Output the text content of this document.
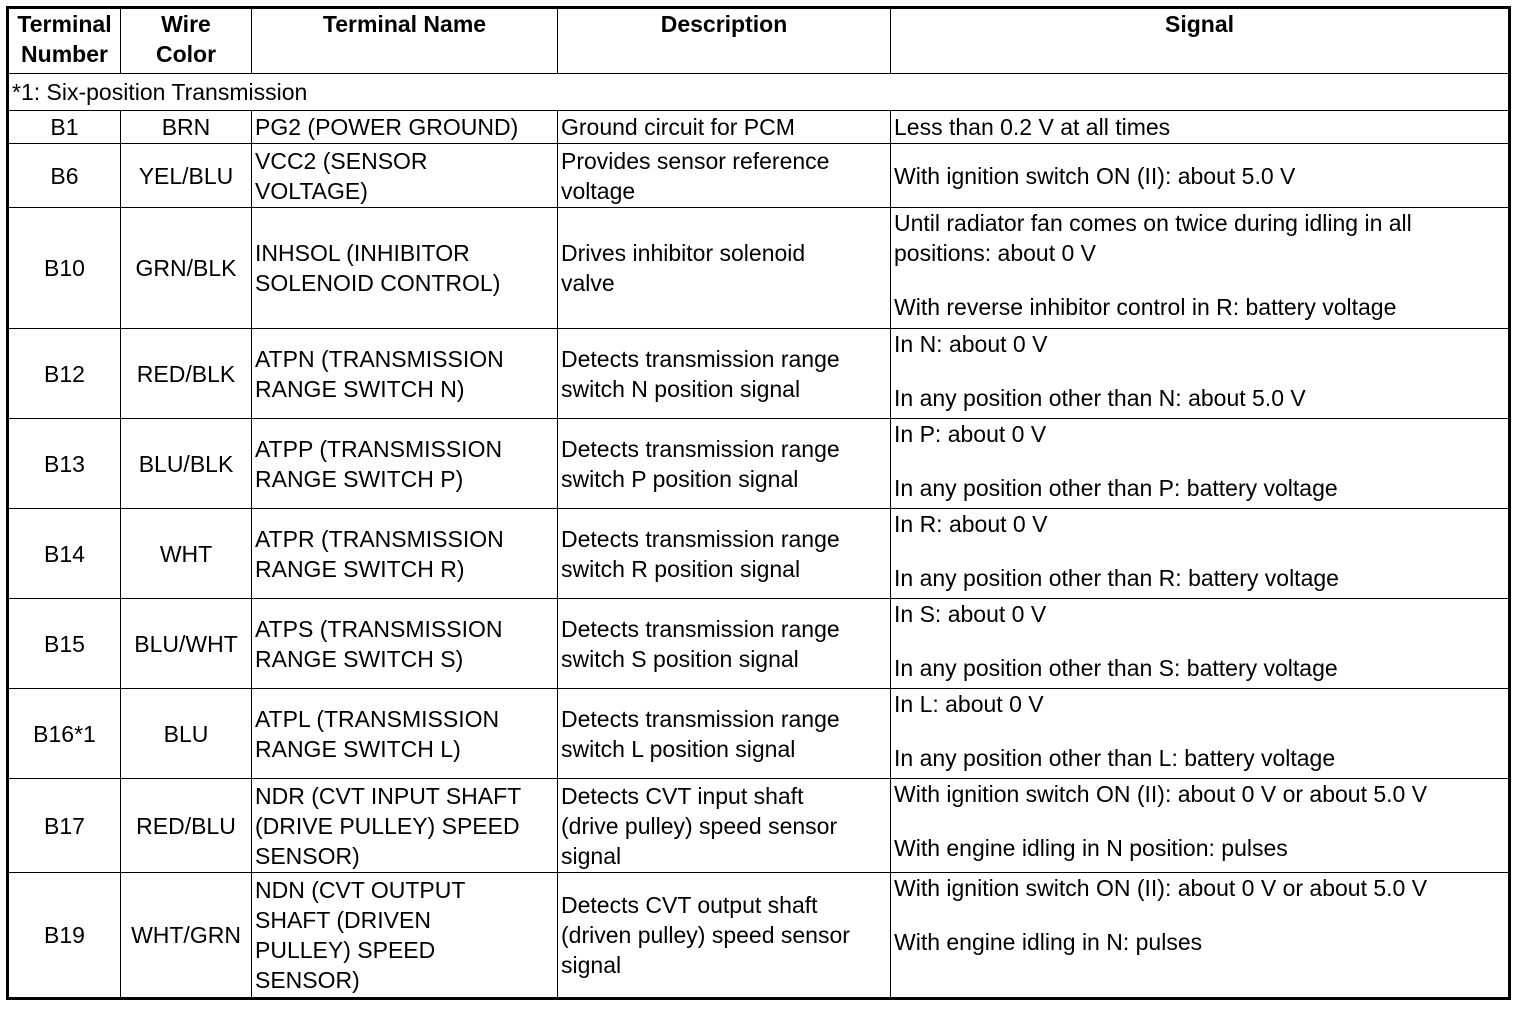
Terminal
Number	Wire
Color	Terminal Name	Description	Signal
*1: Six-position Transmission				
B1	BRN	PG2 (POWER GROUND)	Ground circuit for PCM	Less than 0.2 V at all times

B6	YEL/BLU	VCC2 (SENSOR
VOLTAGE)	Provides sensor reference
voltage	With ignition switch ON (II): about 5.0 V

B10	GRN/BLK	INHSOL (INHIBITOR
SOLENOID CONTROL)	Drives inhibitor solenoid
valve	Until radiator fan comes on twice during idling in all
positions: about 0 V
With reverse inhibitor control in R: battery voltage

B12	RED/BLK	ATPN (TRANSMISSION
RANGE SWITCH N)	Detects transmission range
switch N position signal	In N: about 0 V
In any position other than N: about 5.0 V

B13	BLU/BLK	ATPP (TRANSMISSION
RANGE SWITCH P)	Detects transmission range
switch P position signal	In P: about 0 V
In any position other than P: battery voltage

B14	WHT	ATPR (TRANSMISSION
RANGE SWITCH R)	Detects transmission range
switch R position signal	In R: about 0 V
In any position other than R: battery voltage

B15	BLU/WHT	ATPS (TRANSMISSION
RANGE SWITCH S)	Detects transmission range
switch S position signal	In S: about 0 V
In any position other than S: battery voltage

B16*1	BLU	ATPL (TRANSMISSION
RANGE SWITCH L)	Detects transmission range
switch L position signal	In L: about 0 V
In any position other than L: battery voltage

B17	RED/BLU	NDR (CVT INPUT SHAFT
(DRIVE PULLEY) SPEED
SENSOR)	Detects CVT input shaft
(drive pulley) speed sensor
signal	With ignition switch ON (II): about 0 V or about 5.0 V
With engine idling in N position: pulses

B19	WHT/GRN	NDN (CVT OUTPUT
SHAFT (DRIVEN
PULLEY) SPEED
SENSOR)	Detects CVT output shaft
(driven pulley) speed sensor
signal	With ignition switch ON (II): about 0 V or about 5.0 V
With engine idling in N: pulses
